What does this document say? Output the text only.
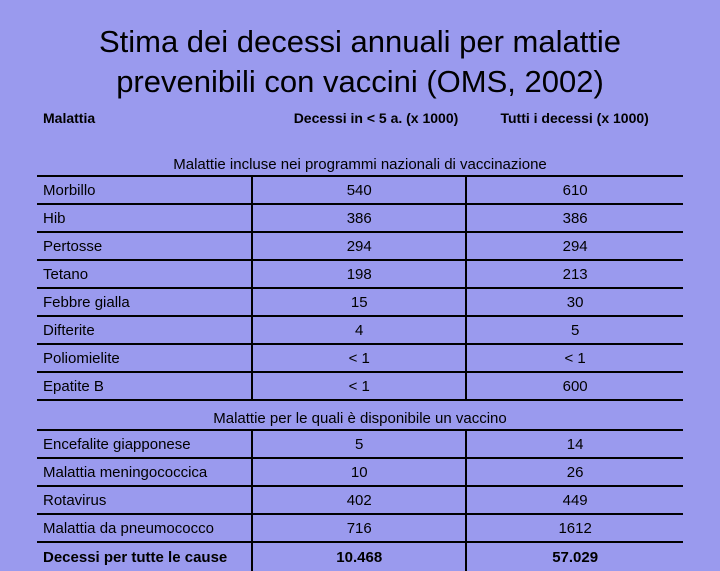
Stima dei decessi annuali per malattie
prevenibili con vaccini (OMS, 2002)
Malattia	Decessi in < 5 a. (x 1000)	Tutti i decessi (x 1000)
Malattie incluse nei programmi nazionali di vaccinazione		
Morbillo	540	610
Hib	386	386
Pertosse	294	294
Tetano	198	213
Febbre gialla	15	30
Difterite	4	5
Poliomielite	< 1	< 1
Epatite B	< 1	600
Malattie per le quali è disponibile un vaccino		
Encefalite giapponese	5	14
Malattia meningococcica	10	26
Rotavirus	402	449
Malattia da pneumococco	716	1612
Decessi per tutte le cause	10.468	57.029
